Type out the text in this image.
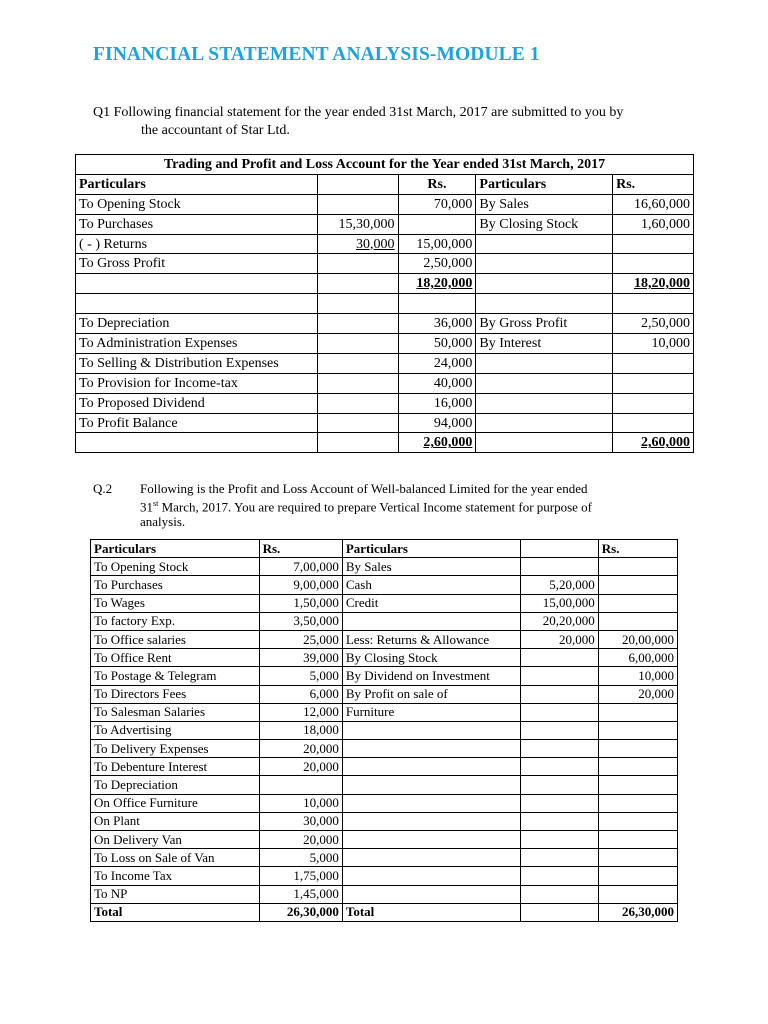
FINANCIAL STATEMENT ANALYSIS-MODULE 1
Q1 Following financial statement for the year ended 31st March, 2017 are submitted to you by
the accountant of Star Ltd.
Trading and Profit and Loss Account for the Year ended 31st March, 2017				
Particulars		Rs.	Particulars	Rs.
To Opening Stock		70,000	By Sales	16,60,000
To Purchases	15,30,000		By Closing Stock	1,60,000
( - ) Returns	30,000	15,00,000		
To Gross Profit		2,50,000		
		18,20,000		18,20,000

To Depreciation		36,000	By Gross Profit	2,50,000
To Administration Expenses		50,000	By Interest	10,000
To Selling & Distribution Expenses		24,000		
To Provision for Income-tax		40,000		
To Proposed Dividend		16,000		
To Profit Balance		94,000		
		2,60,000		2,60,000
Q.2 Following is the Profit and Loss Account of Well-balanced Limited for the year ended
31st March, 2017. You are required to prepare Vertical Income statement for purpose of
analysis.
Particulars	Rs.	Particulars		Rs.
To Opening Stock	7,00,000	By Sales		
To Purchases	9,00,000	Cash	5,20,000	
To Wages	1,50,000	Credit	15,00,000	
To factory Exp.	3,50,000		20,20,000	
To Office salaries	25,000	Less: Returns & Allowance	20,000	20,00,000
To Office Rent	39,000	By Closing Stock		6,00,000
To Postage & Telegram	5,000	By Dividend on Investment		10,000
To Directors Fees	6,000	By Profit on sale of		20,000
To Salesman Salaries	12,000	Furniture		
To Advertising	18,000			
To Delivery Expenses	20,000			
To Debenture Interest	20,000			
To Depreciation				
On Office Furniture	10,000			
On Plant	30,000			
On Delivery Van	20,000			
To Loss on Sale of Van	5,000			
To Income Tax	1,75,000			
To NP	1,45,000			
Total	26,30,000	Total		26,30,000
